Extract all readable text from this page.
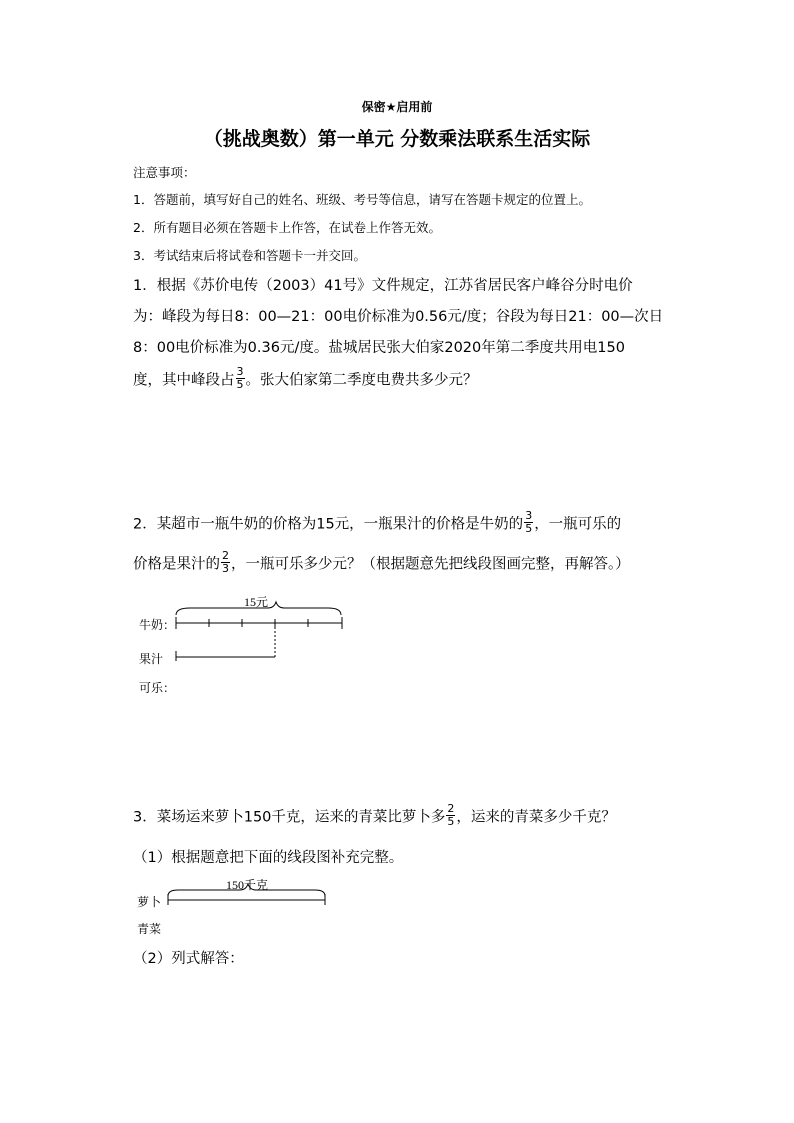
保密★启用前
（挑战奥数）第一单元 分数乘法联系生活实际
注意事项：
1．答题前，填写好自己的姓名、班级、考号等信息，请写在答题卡规定的位置上。
2．所有题目必须在答题卡上作答，在试卷上作答无效。
3．考试结束后将试卷和答题卡一并交回。
1．根据《苏价电传（2003）41号》文件规定，江苏省居民客户峰谷分时电价
为：峰段为每日8：00—21：00电价标准为0.56元/度；谷段为每日21：00—次日
8：00电价标准为0.36元/度。盐城居民张大伯家2020年第二季度共用电150
度，其中峰段占 $\frac{3}{5}$ 。张大伯家第二季度电费共多少元？
2．某超市一瓶牛奶的价格为15元，一瓶果汁的价格是牛奶的 $\frac{3}{5}$ ，一瓶可乐的
价格是果汁的 $\frac{2}{3}$ ，一瓶可乐多少元？（根据题意先把线段图画完整，再解答。）
15元
牛奶：
果汁
可乐：
3．菜场运来萝卜150千克，运来的青菜比萝卜多 $\frac{2}{5}$ ，运来的青菜多少千克？
（1）根据题意把下面的线段图补充完整。
150千克
萝卜
青菜
（2）列式解答：
